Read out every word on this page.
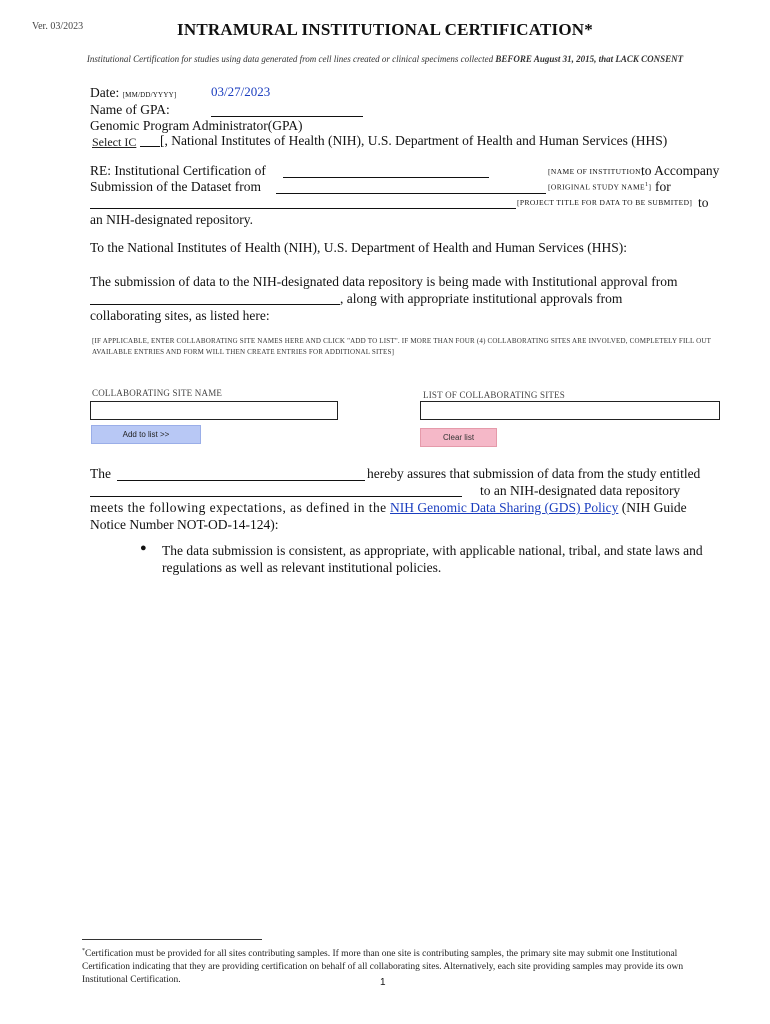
Ver. 03/2023	INTRAMURAL INSTITUTIONAL CERTIFICATION*
Institutional Certification for studies using data generated from cell lines created or clinical specimens collected BEFORE August 31, 2015, that LACK CONSENT
Date: [MM/DD/YYYY]	03/27/2023
Name of GPA:
Genomic Program Administrator(GPA)
Select IC [, National Institutes of Health (NIH), U.S. Department of Health and Human Services (HHS)
RE: Institutional Certification of	[NAME OF INSTITUTION]
to Accompany
Submission of the Dataset from	[ORIGINAL STUDY NAME$^1$] for
[PROJECT TITLE FOR DATA TO BE SUBMITED] to
an NIH-designated repository.
To the National Institutes of Health (NIH), U.S. Department of Health and Human Services (HHS):
The submission of data to the NIH-designated data repository is being made with Institutional approval from
, along with appropriate institutional approvals from
collaborating sites, as listed here:
[IF APPLICABLE, ENTER COLLABORATING SITE NAMES HERE AND CLICK "ADD TO LIST". IF MORE THAN FOUR (4) COLLABORATING SITES ARE INVOLVED, COMPLETELY FILL OUT AVAILABLE ENTRIES AND FORM WILL THEN CREATE ENTRIES FOR ADDITIONAL SITES]
COLLABORATING SITE NAME	LIST OF COLLABORATING SITES
Add to list >>	Clear list
The	hereby assures that submission of data from the study entitled
to an NIH-designated data repository
meets the following expectations, as defined in the NIH Genomic Data Sharing (GDS) Policy (NIH Guide
Notice Number NOT-OD-14-124):
● The data submission is consistent, as appropriate, with applicable national, tribal, and state laws and regulations as well as relevant institutional policies.
*Certification must be provided for all sites contributing samples. If more than one site is contributing samples, the primary site may submit one Institutional Certification indicating that they are providing certification on behalf of all collaborating sites. Alternatively, each site providing samples may provide its own Institutional Certification.	1
